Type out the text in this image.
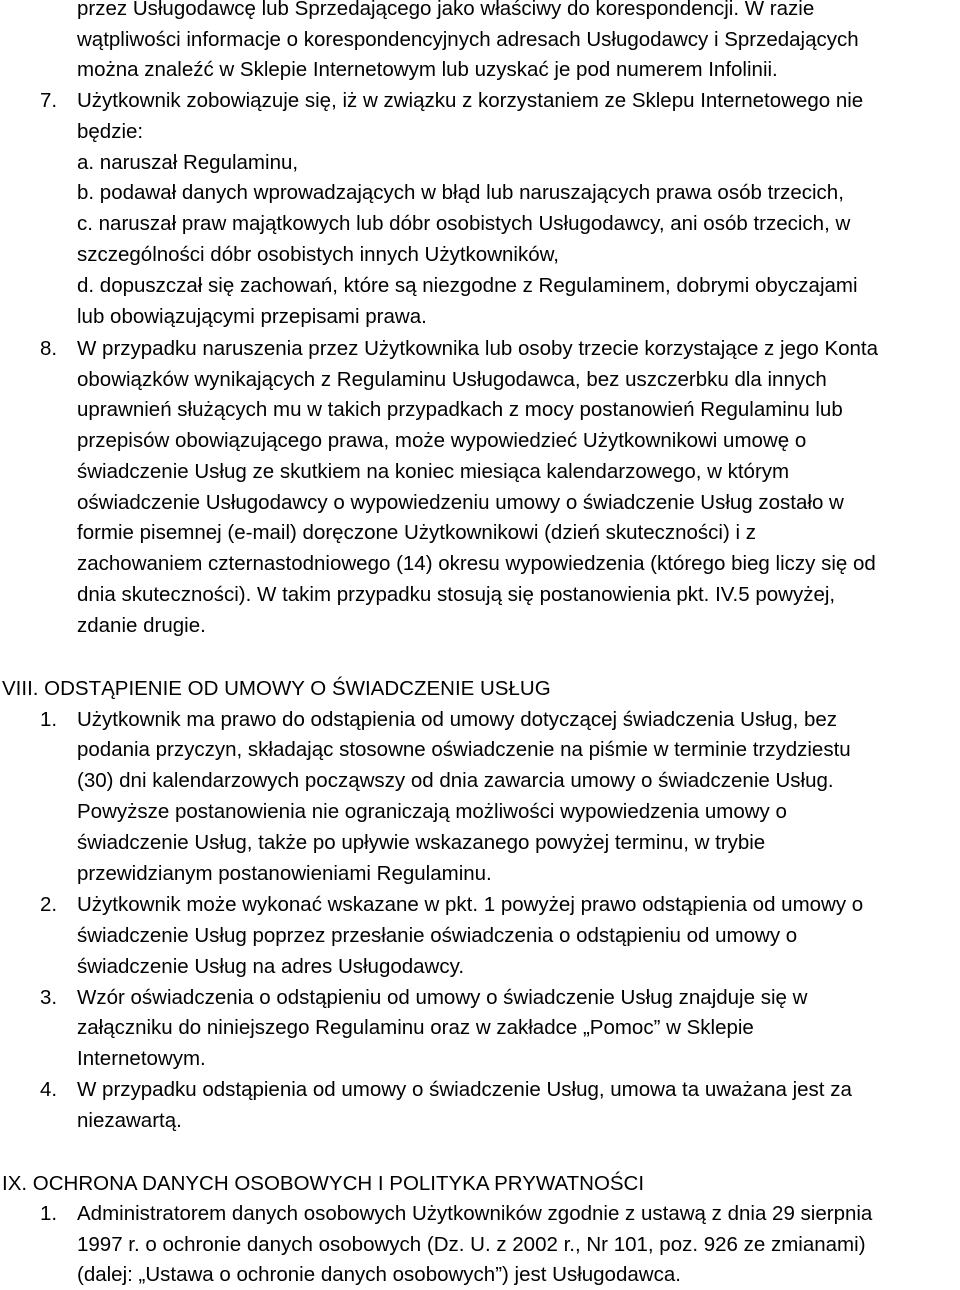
przez Usługodawcę lub Sprzedającego jako właściwy do korespondencji. W razie
wątpliwości informacje o korespondencyjnych adresach Usługodawcy i Sprzedających
można znaleźć w Sklepie Internetowym lub uzyskać je pod numerem Infolinii.
7. Użytkownik zobowiązuje się, iż w związku z korzystaniem ze Sklepu Internetowego nie
będzie:
a. naruszał Regulaminu,
b. podawał danych wprowadzających w błąd lub naruszających prawa osób trzecich,
c. naruszał praw majątkowych lub dóbr osobistych Usługodawcy, ani osób trzecich, w
szczególności dóbr osobistych innych Użytkowników,
d. dopuszczał się zachowań, które są niezgodne z Regulaminem, dobrymi obyczajami
lub obowiązującymi przepisami prawa.
8. W przypadku naruszenia przez Użytkownika lub osoby trzecie korzystające z jego Konta
obowiązków wynikających z Regulaminu Usługodawca, bez uszczerbku dla innych
uprawnień służących mu w takich przypadkach z mocy postanowień Regulaminu lub
przepisów obowiązującego prawa, może wypowiedzieć Użytkownikowi umowę o
świadczenie Usług ze skutkiem na koniec miesiąca kalendarzowego, w którym
oświadczenie Usługodawcy o wypowiedzeniu umowy o świadczenie Usług zostało w
formie pisemnej (e-mail) doręczone Użytkownikowi (dzień skuteczności) i z
zachowaniem czternastodniowego (14) okresu wypowiedzenia (którego bieg liczy się od
dnia skuteczności). W takim przypadku stosują się postanowienia pkt. IV.5 powyżej,
zdanie drugie.
VIII. ODSTĄPIENIE OD UMOWY O ŚWIADCZENIE USŁUG
1. Użytkownik ma prawo do odstąpienia od umowy dotyczącej świadczenia Usług, bez
podania przyczyn, składając stosowne oświadczenie na piśmie w terminie trzydziestu
(30) dni kalendarzowych począwszy od dnia zawarcia umowy o świadczenie Usług.
Powyższe postanowienia nie ograniczają możliwości wypowiedzenia umowy o
świadczenie Usług, także po upływie wskazanego powyżej terminu, w trybie
przewidzianym postanowieniami Regulaminu.
2. Użytkownik może wykonać wskazane w pkt. 1 powyżej prawo odstąpienia od umowy o
świadczenie Usług poprzez przesłanie oświadczenia o odstąpieniu od umowy o
świadczenie Usług na adres Usługodawcy.
3. Wzór oświadczenia o odstąpieniu od umowy o świadczenie Usług znajduje się w
załączniku do niniejszego Regulaminu oraz w zakładce „Pomoc” w Sklepie
Internetowym.
4. W przypadku odstąpienia od umowy o świadczenie Usług, umowa ta uważana jest za
niezawartą.
IX. OCHRONA DANYCH OSOBOWYCH I POLITYKA PRYWATNOŚCI
1. Administratorem danych osobowych Użytkowników zgodnie z ustawą z dnia 29 sierpnia
1997 r. o ochronie danych osobowych (Dz. U. z 2002 r., Nr 101, poz. 926 ze zmianami)
(dalej: „Ustawa o ochronie danych osobowych”) jest Usługodawca.
